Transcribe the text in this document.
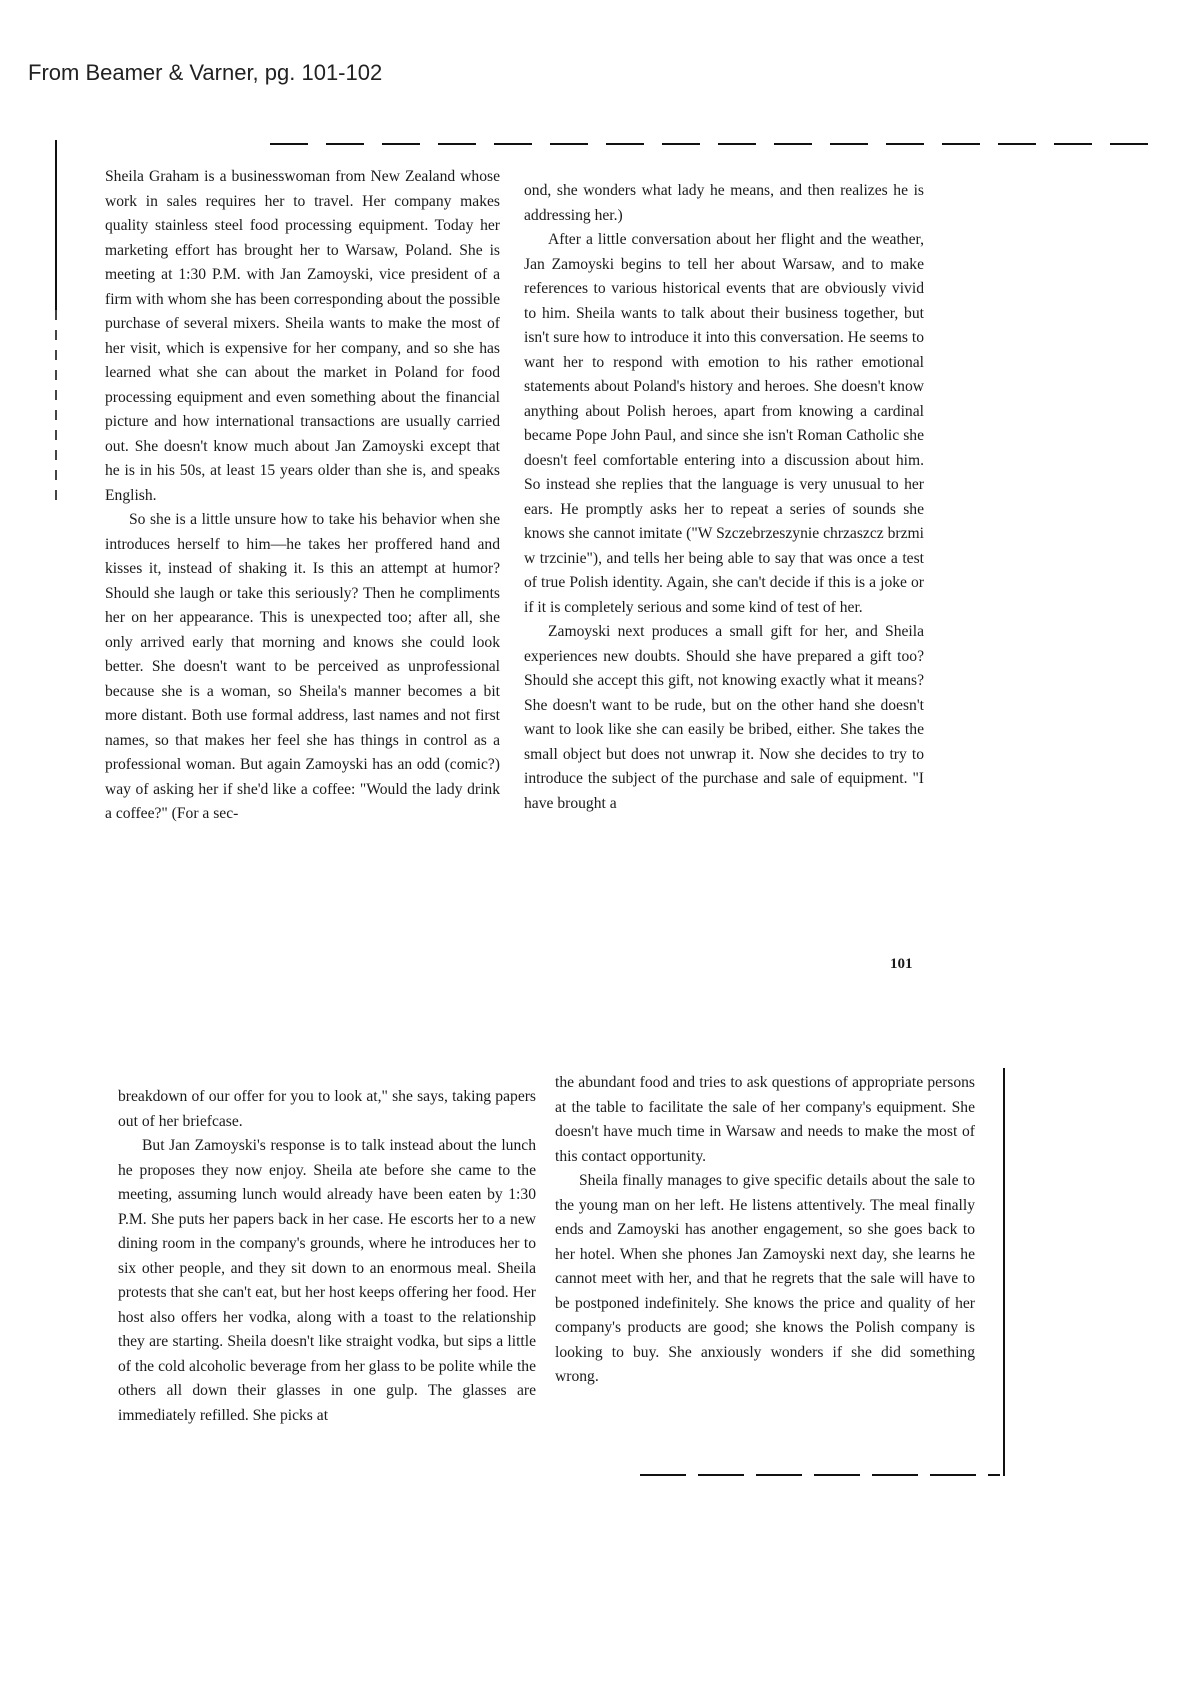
From Beamer & Varner, pg. 101-102

Sheila Graham is a businesswoman from New Zealand whose work in sales requires her to travel. Her company makes quality stainless steel food processing equipment. Today her marketing effort has brought her to Warsaw, Poland. She is meeting at 1:30 P.M. with Jan Zamoyski, vice president of a firm with whom she has been corresponding about the possible purchase of several mixers. Sheila wants to make the most of her visit, which is expensive for her company, and so she has learned what she can about the market in Poland for food processing equipment and even something about the financial picture and how international transactions are usually carried out. She doesn't know much about Jan Zamoyski except that he is in his 50s, at least 15 years older than she is, and speaks English.

So she is a little unsure how to take his behavior when she introduces herself to him—he takes her proffered hand and kisses it, instead of shaking it. Is this an attempt at humor? Should she laugh or take this seriously? Then he compliments her on her appearance. This is unexpected too; after all, she only arrived early that morning and knows she could look better. She doesn't want to be perceived as unprofessional because she is a woman, so Sheila's manner becomes a bit more distant. Both use formal address, last names and not first names, so that makes her feel she has things in control as a professional woman. But again Zamoyski has an odd (comic?) way of asking her if she'd like a coffee: "Would the lady drink a coffee?" (For a sec-

ond, she wonders what lady he means, and then realizes he is addressing her.)

After a little conversation about her flight and the weather, Jan Zamoyski begins to tell her about Warsaw, and to make references to various historical events that are obviously vivid to him. Sheila wants to talk about their business together, but isn't sure how to introduce it into this conversation. He seems to want her to respond with emotion to his rather emotional statements about Poland's history and heroes. She doesn't know anything about Polish heroes, apart from knowing a cardinal became Pope John Paul, and since she isn't Roman Catholic she doesn't feel comfortable entering into a discussion about him. So instead she replies that the language is very unusual to her ears. He promptly asks her to repeat a series of sounds she knows she cannot imitate ("W Szczebrzeszynie chrzaszcz brzmi w trzcinie"), and tells her being able to say that was once a test of true Polish identity. Again, she can't decide if this is a joke or if it is completely serious and some kind of test of her.

Zamoyski next produces a small gift for her, and Sheila experiences new doubts. Should she have prepared a gift too? Should she accept this gift, not knowing exactly what it means? She doesn't want to be rude, but on the other hand she doesn't want to look like she can easily be bribed, either. She takes the small object but does not unwrap it. Now she decides to try to introduce the subject of the purchase and sale of equipment. "I have brought a

101

breakdown of our offer for you to look at," she says, taking papers out of her briefcase.

But Jan Zamoyski's response is to talk instead about the lunch he proposes they now enjoy. Sheila ate before she came to the meeting, assuming lunch would already have been eaten by 1:30 P.M. She puts her papers back in her case. He escorts her to a new dining room in the company's grounds, where he introduces her to six other people, and they sit down to an enormous meal. Sheila protests that she can't eat, but her host keeps offering her food. Her host also offers her vodka, along with a toast to the relationship they are starting. Sheila doesn't like straight vodka, but sips a little of the cold alcoholic beverage from her glass to be polite while the others all down their glasses in one gulp. The glasses are immediately refilled. She picks at

the abundant food and tries to ask questions of appropriate persons at the table to facilitate the sale of her company's equipment. She doesn't have much time in Warsaw and needs to make the most of this contact opportunity.

Sheila finally manages to give specific details about the sale to the young man on her left. He listens attentively. The meal finally ends and Zamoyski has another engagement, so she goes back to her hotel. When she phones Jan Zamoyski next day, she learns he cannot meet with her, and that he regrets that the sale will have to be postponed indefinitely. She knows the price and quality of her company's products are good; she knows the Polish company is looking to buy. She anxiously wonders if she did something wrong.
